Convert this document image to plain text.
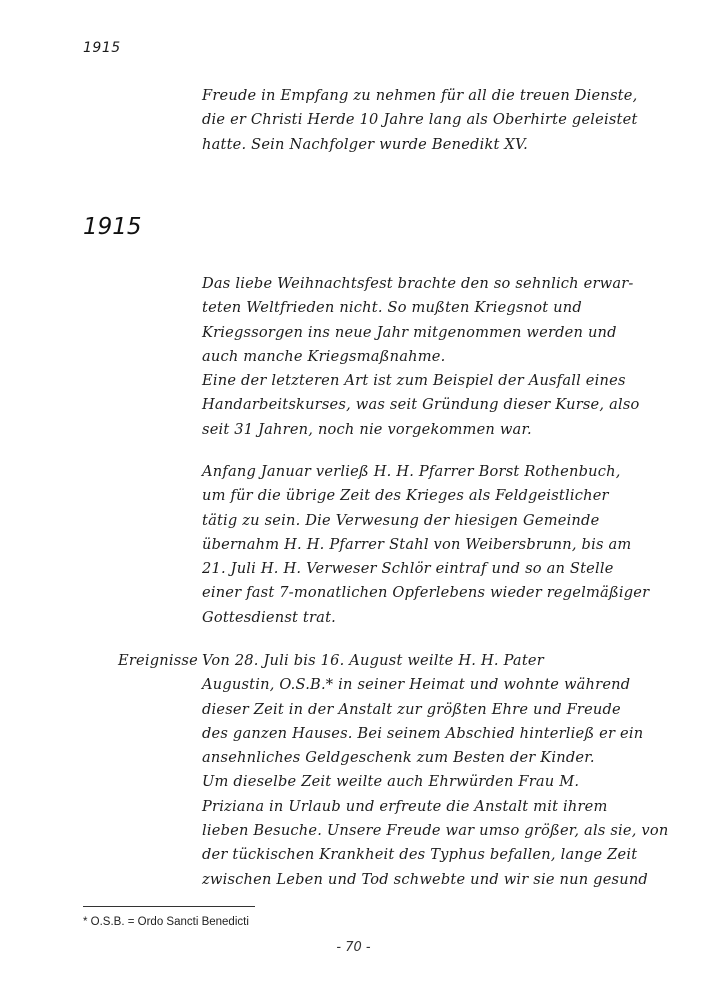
1915
Freude in Empfang zu nehmen für all die treuen Dienste,
die er Christi Herde 10 Jahre lang als Oberhirte geleistet
hatte. Sein Nachfolger wurde Benedikt XV.
1915
Das liebe Weihnachtsfest brachte den so sehnlich erwar-
teten Weltfrieden nicht. So mußten Kriegsnot und
Kriegssorgen ins neue Jahr mitgenommen werden und
auch manche Kriegsmaßnahme.
Eine der letzteren Art ist zum Beispiel der Ausfall eines
Handarbeitskurses, was seit Gründung dieser Kurse, also
seit 31 Jahren, noch nie vorgekommen war.
Anfang Januar verließ H. H. Pfarrer Borst Rothenbuch,
um für die übrige Zeit des Krieges als Feldgeistlicher
tätig zu sein. Die Verwesung der hiesigen Gemeinde
übernahm H. H. Pfarrer Stahl von Weibersbrunn, bis am
21. Juli H. H. Verweser Schlör eintraf und so an Stelle
einer fast 7-monatlichen Opferlebens wieder regelmäßiger
Gottesdienst trat.
Ereignisse Von 28. Juli bis 16. August weilte H. H. Pater
Augustin, O.S.B.* in seiner Heimat und wohnte während
dieser Zeit in der Anstalt zur größten Ehre und Freude
des ganzen Hauses. Bei seinem Abschied hinterließ er ein
ansehnliches Geldgeschenk zum Besten der Kinder.
Um dieselbe Zeit weilte auch Ehrwürden Frau M.
Priziana in Urlaub und erfreute die Anstalt mit ihrem
lieben Besuche. Unsere Freude war umso größer, als sie, von
der tückischen Krankheit des Typhus befallen, lange Zeit
zwischen Leben und Tod schwebte und wir sie nun gesund
* O.S.B. = Ordo Sancti Benedicti
- 70 -
